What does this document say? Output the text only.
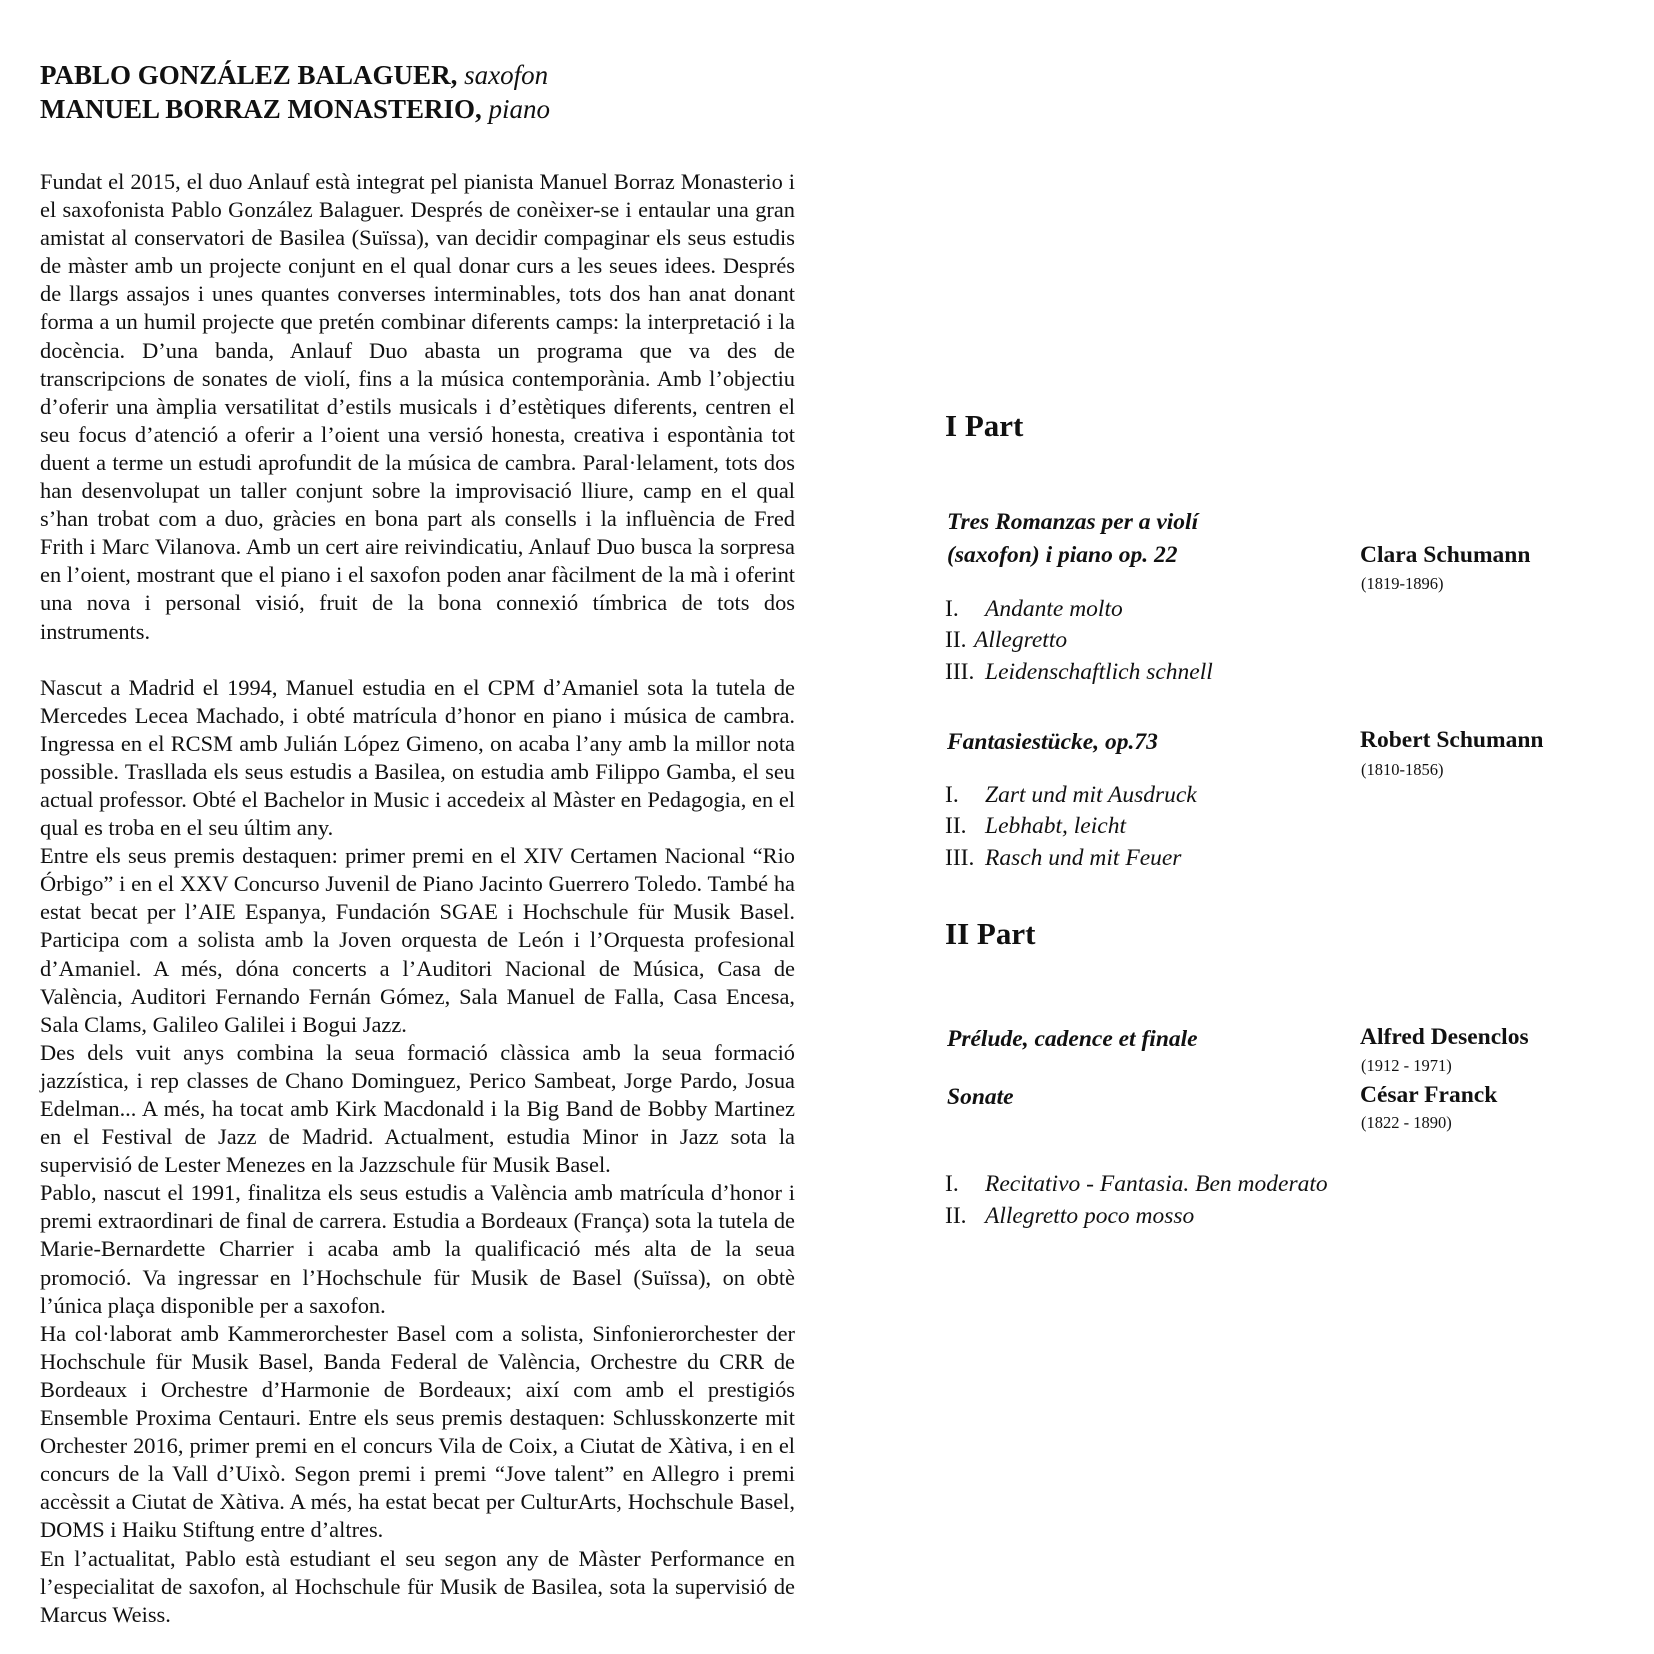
PABLO GONZÁLEZ BALAGUER, saxofon
MANUEL BORRAZ MONASTERIO, piano

Fundat el 2015, el duo Anlauf està integrat pel pianista Manuel Borraz Monasterio i el saxofonista Pablo González Balaguer. Després de conèixer-se i entaular una gran amistat al conservatori de Basilea (Suïssa), van decidir compaginar els seus estudis de màster amb un projecte conjunt en el qual donar curs a les seues idees. Després de llargs assajos i unes quantes converses interminables, tots dos han anat donant forma a un humil projecte que pretén combinar diferents camps: la interpretació i la docència. D’una banda, Anlauf Duo abasta un programa que va des de transcripcions de sonates de violí, fins a la música contemporània. Amb l’objectiu d’oferir una àmplia versatilitat d’estils musicals i d’estètiques diferents, centren el seu focus d’atenció a oferir a l’oient una versió honesta, creativa i espontània tot duent a terme un estudi aprofundit de la música de cambra. Paral·lelament, tots dos han desenvolupat un taller conjunt sobre la improvisació lliure, camp en el qual s’han trobat com a duo, gràcies en bona part als consells i la influència de Fred Frith i Marc Vilanova. Amb un cert aire reivindicatiu, Anlauf Duo busca la sorpresa en l’oient, mostrant que el piano i el saxofon poden anar fàcilment de la mà i oferint una nova i personal visió, fruit de la bona connexió tímbrica de tots dos instruments.

Nascut a Madrid el 1994, Manuel estudia en el CPM d’Amaniel sota la tutela de Mercedes Lecea Machado, i obté matrícula d’honor en piano i música de cambra. Ingressa en el RCSM amb Julián López Gimeno, on acaba l’any amb la millor nota possible. Trasllada els seus estudis a Basilea, on estudia amb Filippo Gamba, el seu actual professor. Obté el Bachelor in Music i accedeix al Màster en Pedagogia, en el qual es troba en el seu últim any.

Entre els seus premis destaquen: primer premi en el XIV Certamen Nacional “Rio Órbigo” i en el XXV Concurso Juvenil de Piano Jacinto Guerrero Toledo. També ha estat becat per l’AIE Espanya, Fundación SGAE i Hochschule für Musik Basel. Participa com a solista amb la Joven orquesta de León i l’Orquesta profesional d’Amaniel. A més, dóna concerts a l’Auditori Nacional de Música, Casa de València, Auditori Fernando Fernán Gómez, Sala Manuel de Falla, Casa Encesa, Sala Clams, Galileo Galilei i Bogui Jazz.

Des dels vuit anys combina la seua formació clàssica amb la seua formació jazzística, i rep classes de Chano Dominguez, Perico Sambeat, Jorge Pardo, Josua Edelman... A més, ha tocat amb Kirk Macdonald i la Big Band de Bobby Martinez en el Festival de Jazz de Madrid. Actualment, estudia Minor in Jazz sota la supervisió de Lester Menezes en la Jazzschule für Musik Basel.

Pablo, nascut el 1991, finalitza els seus estudis a València amb matrícula d’honor i premi extraordinari de final de carrera. Estudia a Bordeaux (França) sota la tutela de Marie-Bernardette Charrier i acaba amb la qualificació més alta de la seua promoció. Va ingressar en l’Hochschule für Musik de Basel (Suïssa), on obtè l’única plaça disponible per a saxofon.

Ha col·laborat amb Kammerorchester Basel com a solista, Sinfonierorchester der Hochschule für Musik Basel, Banda Federal de València, Orchestre du CRR de Bordeaux i Orchestre d’Harmonie de Bordeaux; així com amb el prestigiós Ensemble Proxima Centauri. Entre els seus premis destaquen: Schlusskonzerte mit Orchester 2016, primer premi en el concurs Vila de Coix, a Ciutat de Xàtiva, i en el concurs de la Vall d’Uixò. Segon premi i premi “Jove talent” en Allegro i premi accèssit a Ciutat de Xàtiva. A més, ha estat becat per CulturArts, Hochschule Basel, DOMS i Haiku Stiftung entre d’altres.

En l’actualitat, Pablo està estudiant el seu segon any de Màster Performance en l’especialitat de saxofon, al Hochschule für Musik de Basilea, sota la supervisió de Marcus Weiss.

I Part
Tres Romanzas per a violí
(saxofon) i piano op. 22	Clara Schumann
(1819-1896)
I. Andante molto
II. Allegretto
III. Leidenschaftlich schnell
Fantasiestücke, op.73	Robert Schumann
(1810-1856)
I. Zart und mit Ausdruck
II. Lebhabt, leicht
III. Rasch und mit Feuer
II Part
Prélude, cadence et finale	Alfred Desenclos
(1912 - 1971)
Sonate	César Franck
(1822 - 1890)
I. Recitativo - Fantasia. Ben moderato
II. Allegretto poco mosso
